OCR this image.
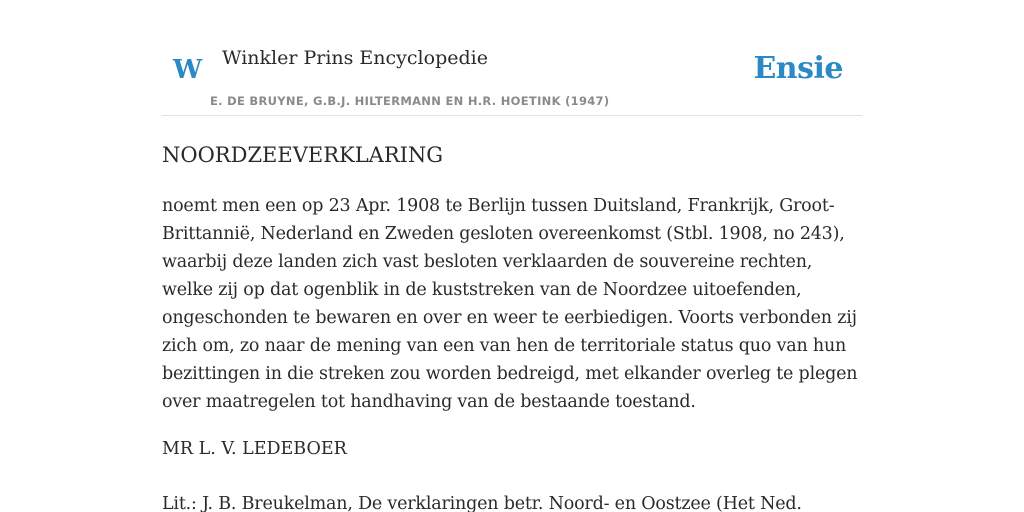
W Winkler Prins Encyclopedie
E. DE BRUYNE, G.B.J. HILTERMANN EN H.R. HOETINK (1947)
Ensie
NOORDZEEVERKLARING

noemt men een op 23 Apr. 1908 te Berlijn tussen Duitsland, Frankrijk, Groot-Brittannië, Nederland en Zweden gesloten overeenkomst (Stbl. 1908, no 243), waarbij deze landen zich vast besloten verklaarden de souvereine rechten, welke zij op dat ogenblik in de kuststreken van de Noordzee uitoefenden, ongeschonden te bewaren en over en weer te eerbiedigen. Voorts verbonden zij zich om, zo naar de mening van een van hen de territoriale status quo van hun bezittingen in die streken zou worden bedreigd, met elkander overleg te plegen over maatregelen tot handhaving van de bestaande toestand.

MR L. V. LEDEBOER

Lit.: J. B. Breukelman, De verklaringen betr. Noord- en Oostzee (Het Ned.
